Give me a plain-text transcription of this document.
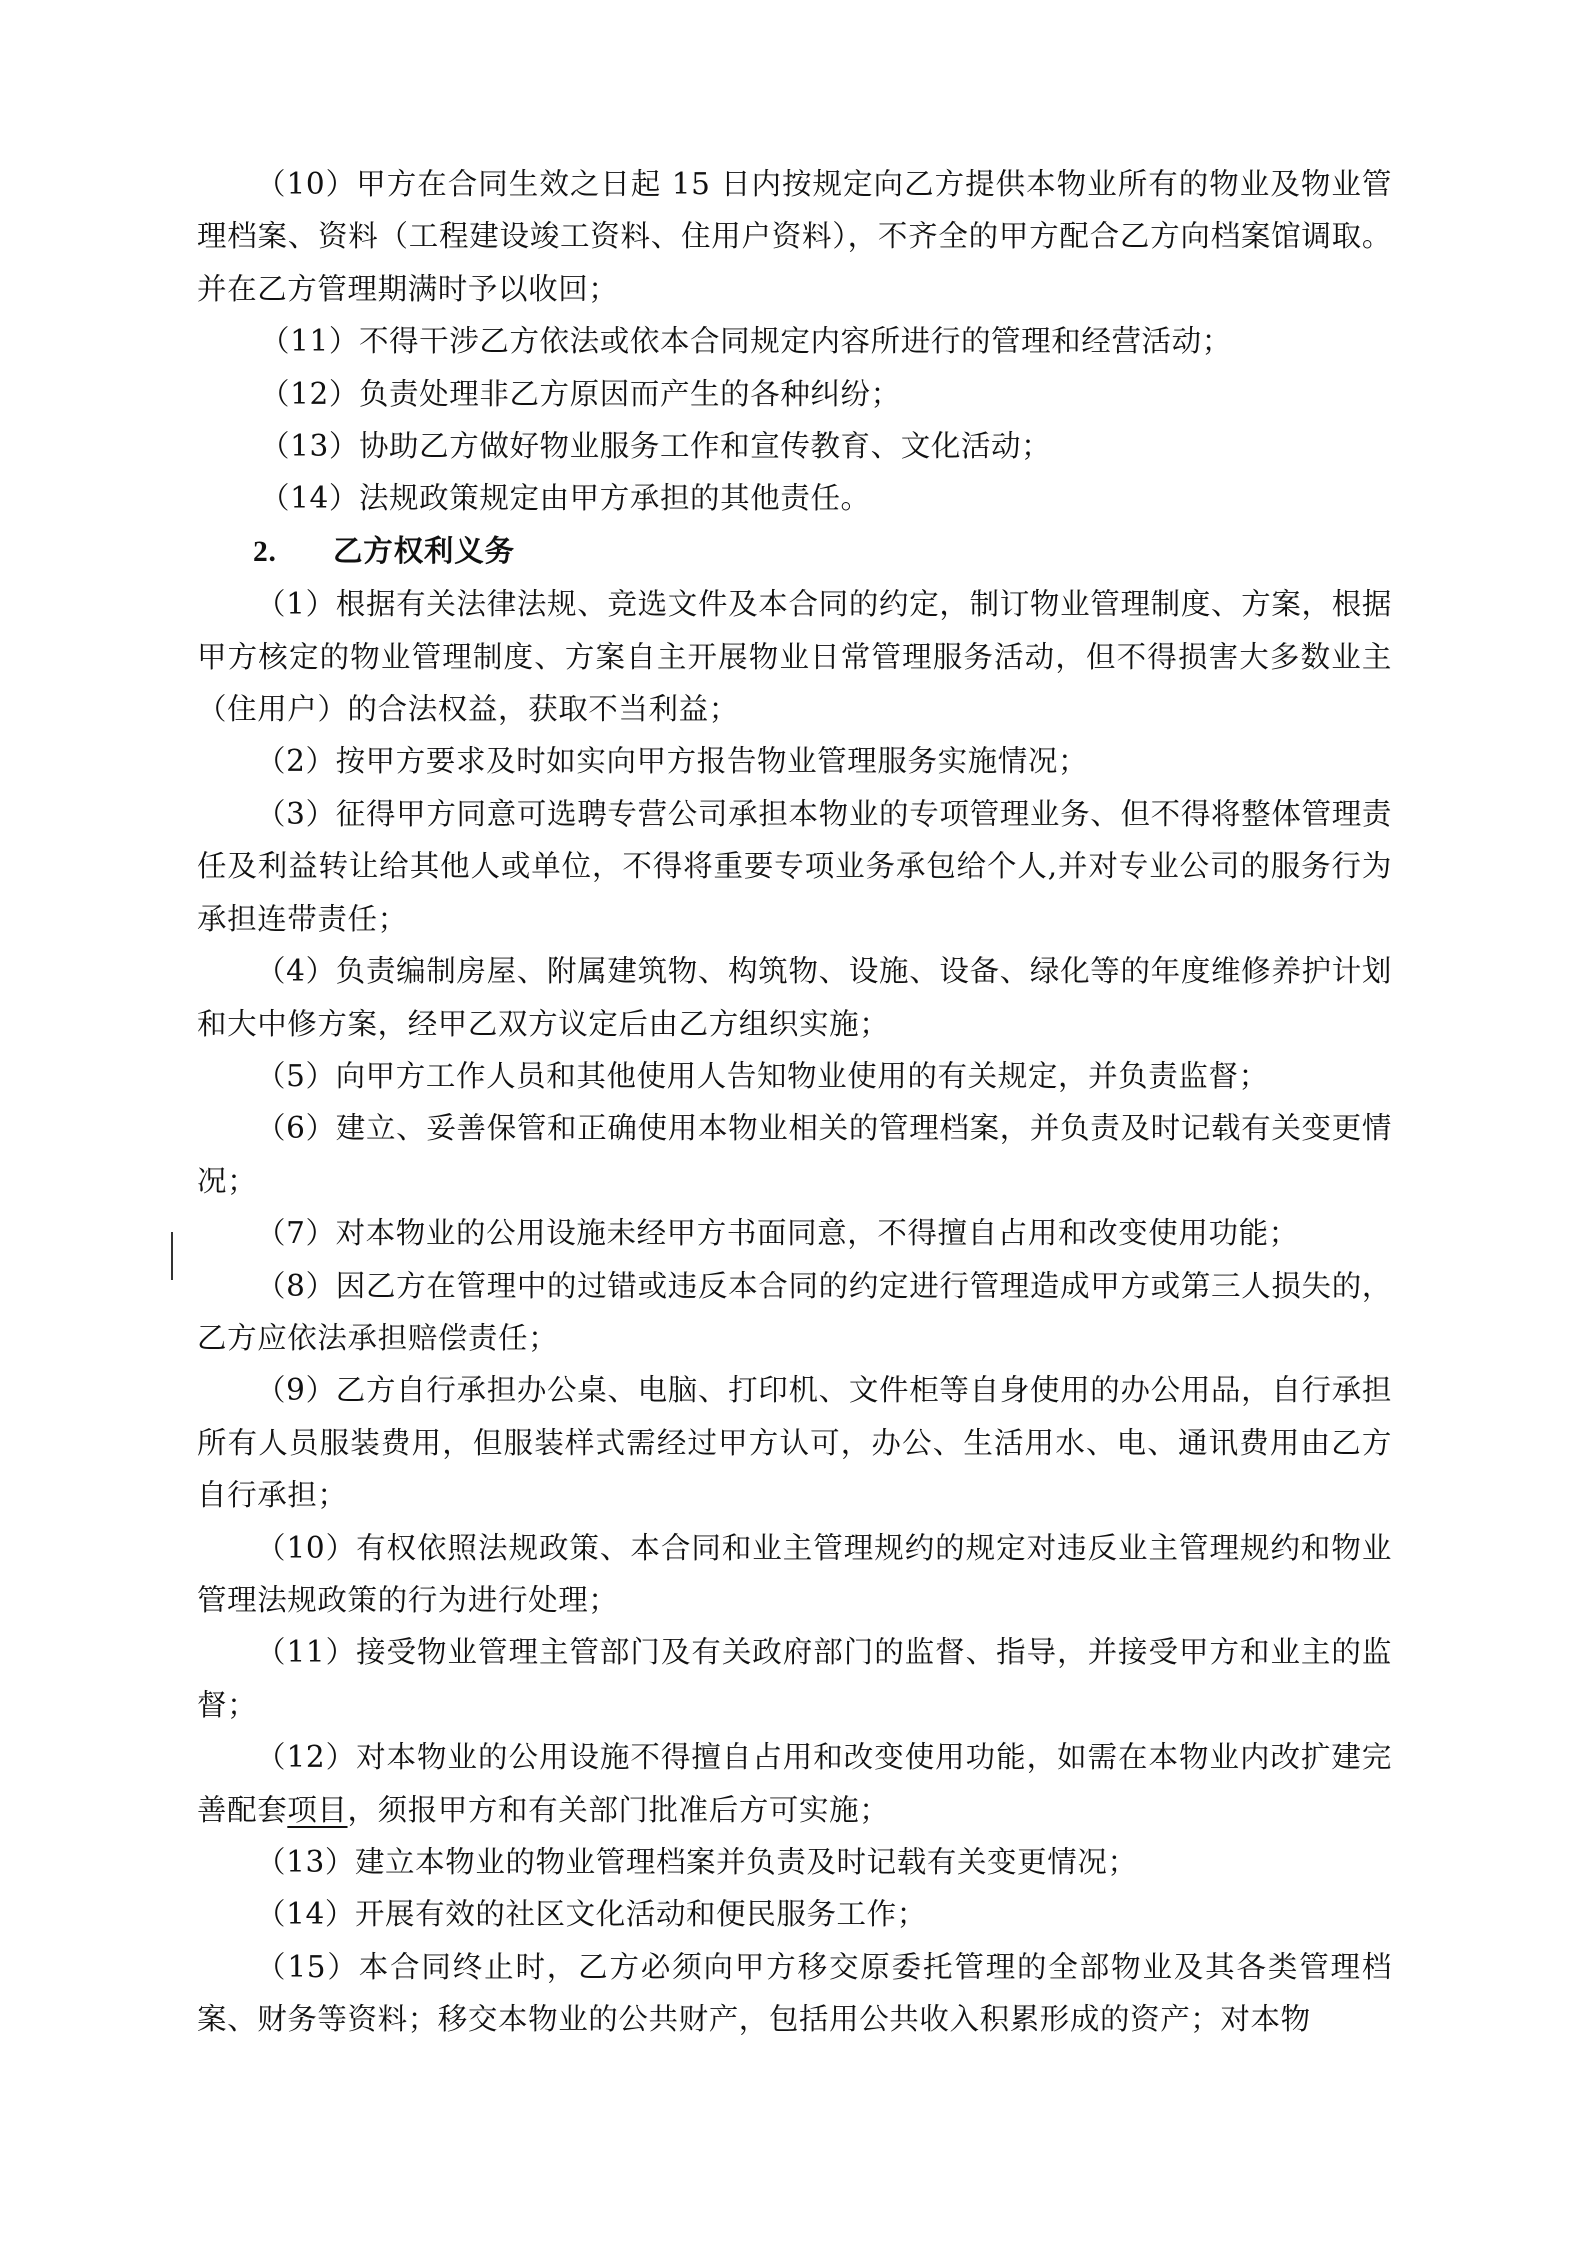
（10）甲方在合同生效之日起 15 日内按规定向乙方提供本物业所有的物业及物业管理档案、资料（工程建设竣工资料、住用户资料），不齐全的甲方配合乙方向档案馆调取。并在乙方管理期满时予以收回；

（11）不得干涉乙方依法或依本合同规定内容所进行的管理和经营活动；

（12）负责处理非乙方原因而产生的各种纠纷；

（13）协助乙方做好物业服务工作和宣传教育、文化活动；

（14）法规政策规定由甲方承担的其他责任。

2. 乙方权利义务

（1）根据有关法律法规、竞选文件及本合同的约定，制订物业管理制度、方案，根据甲方核定的物业管理制度、方案自主开展物业日常管理服务活动，但不得损害大多数业主（住用户）的合法权益，获取不当利益；

（2）按甲方要求及时如实向甲方报告物业管理服务实施情况；

（3）征得甲方同意可选聘专营公司承担本物业的专项管理业务、但不得将整体管理责任及利益转让给其他人或单位，不得将重要专项业务承包给个人,并对专业公司的服务行为承担连带责任；

（4）负责编制房屋、附属建筑物、构筑物、设施、设备、绿化等的年度维修养护计划和大中修方案，经甲乙双方议定后由乙方组织实施；

（5）向甲方工作人员和其他使用人告知物业使用的有关规定，并负责监督；

（6）建立、妥善保管和正确使用本物业相关的管理档案，并负责及时记载有关变更情况；

（7）对本物业的公用设施未经甲方书面同意，不得擅自占用和改变使用功能；

（8）因乙方在管理中的过错或违反本合同的约定进行管理造成甲方或第三人损失的，乙方应依法承担赔偿责任；

（9）乙方自行承担办公桌、电脑、打印机、文件柜等自身使用的办公用品，自行承担所有人员服装费用，但服装样式需经过甲方认可，办公、生活用水、电、通讯费用由乙方自行承担；

（10）有权依照法规政策、本合同和业主管理规约的规定对违反业主管理规约和物业管理法规政策的行为进行处理；

（11）接受物业管理主管部门及有关政府部门的监督、指导，并接受甲方和业主的监督；

（12）对本物业的公用设施不得擅自占用和改变使用功能，如需在本物业内改扩建完善配套项目，须报甲方和有关部门批准后方可实施；

（13）建立本物业的物业管理档案并负责及时记载有关变更情况；

（14）开展有效的社区文化活动和便民服务工作；

（15）本合同终止时，乙方必须向甲方移交原委托管理的全部物业及其各类管理档案、财务等资料；移交本物业的公共财产，包括用公共收入积累形成的资产；对本物
